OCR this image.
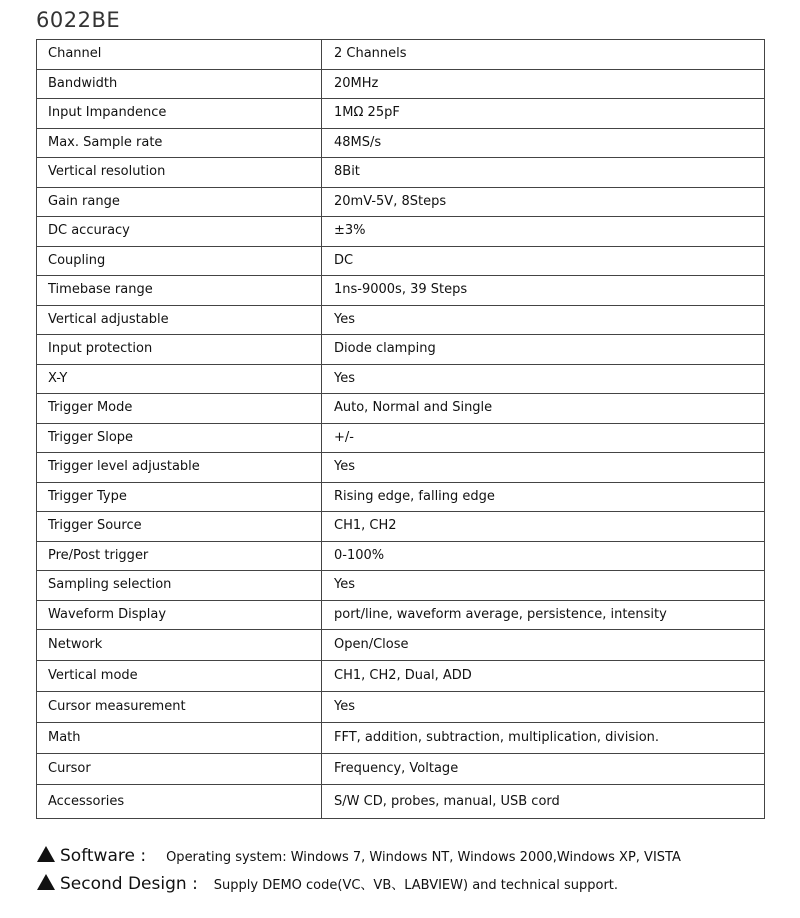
6022BE
Channel	2 Channels
Bandwidth	20MHz
Input Impandence	1MΩ 25pF
Max. Sample rate	48MS/s
Vertical resolution	8Bit
Gain range	20mV-5V, 8Steps
DC accuracy	±3%
Coupling	DC
Timebase range	1ns-9000s, 39 Steps
Vertical adjustable	Yes
Input protection	Diode clamping
X-Y	Yes
Trigger Mode	Auto, Normal and Single
Trigger Slope	+/-
Trigger level adjustable	Yes
Trigger Type	Rising edge, falling edge
Trigger Source	CH1, CH2
Pre/Post trigger	0-100%
Sampling selection	Yes
Waveform Display	port/line, waveform average, persistence, intensity
Network	Open/Close
Vertical mode	CH1, CH2, Dual, ADD
Cursor measurement	Yes
Math	FFT, addition, subtraction, multiplication, division.
Cursor	Frequency, Voltage
Accessories	S/W CD, probes, manual, USB cord
Software : Operating system: Windows 7, Windows NT, Windows 2000,Windows XP, VISTA
Second Design : Supply DEMO code(VC、VB、LABVIEW) and technical support.
